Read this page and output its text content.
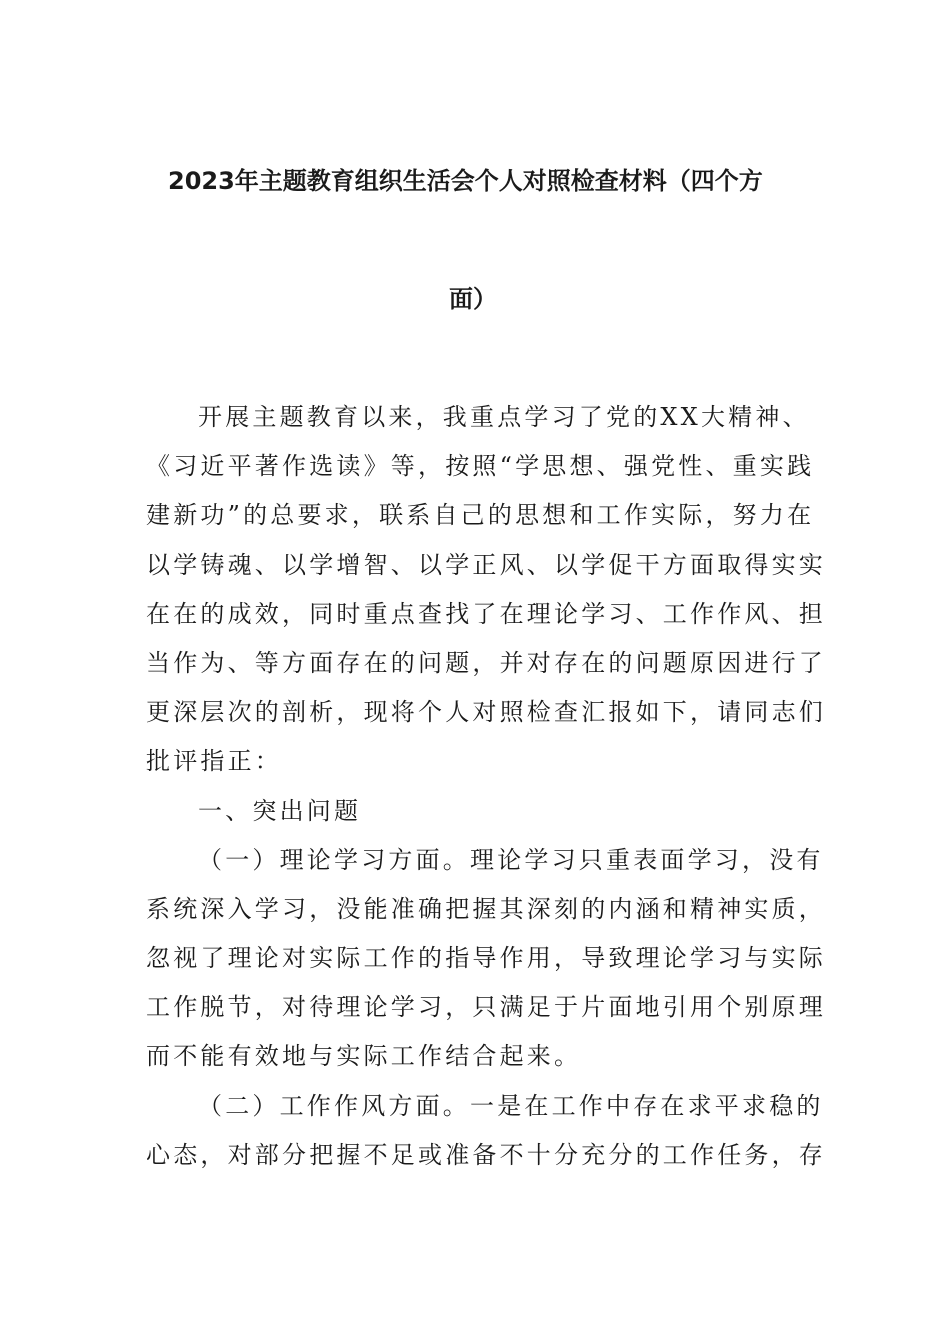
2023年主题教育组织生活会个人对照检查材料（四个方
面）
开展主题教育以来，我重点学习了党的XX大精神、
《习近平著作选读》等，按照“学思想、强党性、重实践
建新功”的总要求，联系自己的思想和工作实际，努力在
以学铸魂、以学增智、以学正风、以学促干方面取得实实
在在的成效，同时重点查找了在理论学习、工作作风、担
当作为、等方面存在的问题，并对存在的问题原因进行了
更深层次的剖析，现将个人对照检查汇报如下，请同志们
批评指正：
一、突出问题
（一）理论学习方面。理论学习只重表面学习，没有
系统深入学习，没能准确把握其深刻的内涵和精神实质，
忽视了理论对实际工作的指导作用，导致理论学习与实际
工作脱节，对待理论学习，只满足于片面地引用个别原理
而不能有效地与实际工作结合起来。
（二）工作作风方面。一是在工作中存在求平求稳的
心态，对部分把握不足或准备不十分充分的工作任务，存
